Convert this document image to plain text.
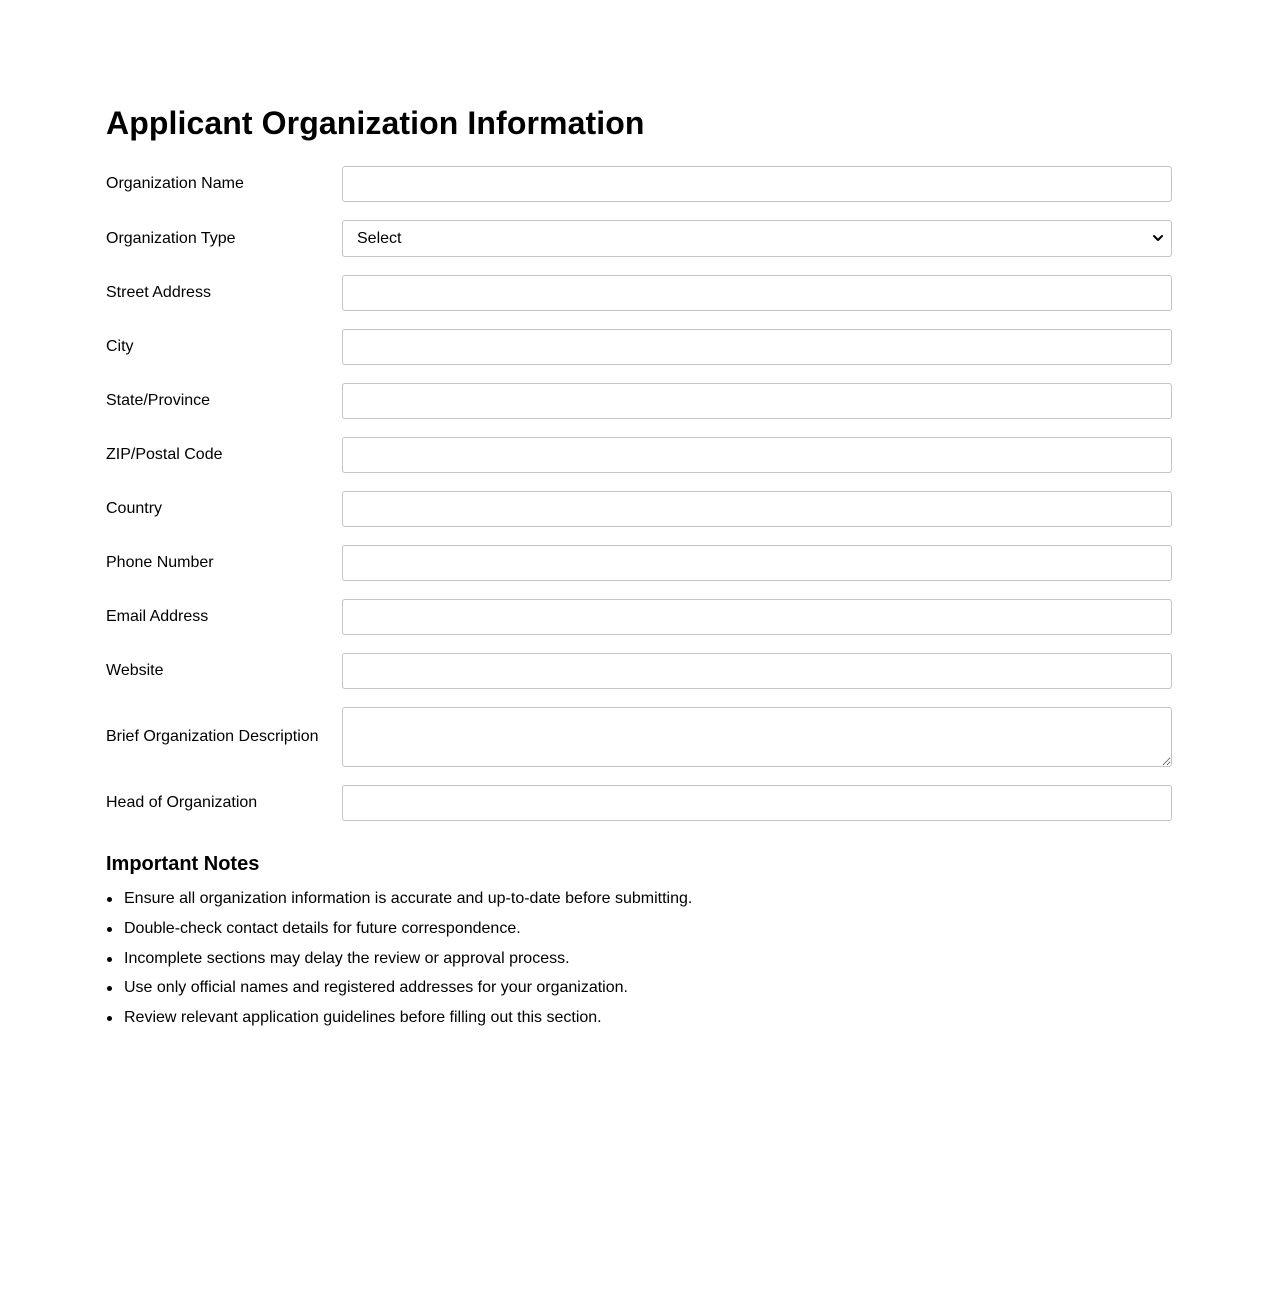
Applicant Organization Information
Organization Name
Organization Type
Select
Street Address
City
State/Province
ZIP/Postal Code
Country
Phone Number
Email Address
Website
Brief Organization Description
Head of Organization
Important Notes
Ensure all organization information is accurate and up-to-date before submitting.
Double-check contact details for future correspondence.
Incomplete sections may delay the review or approval process.
Use only official names and registered addresses for your organization.
Review relevant application guidelines before filling out this section.
